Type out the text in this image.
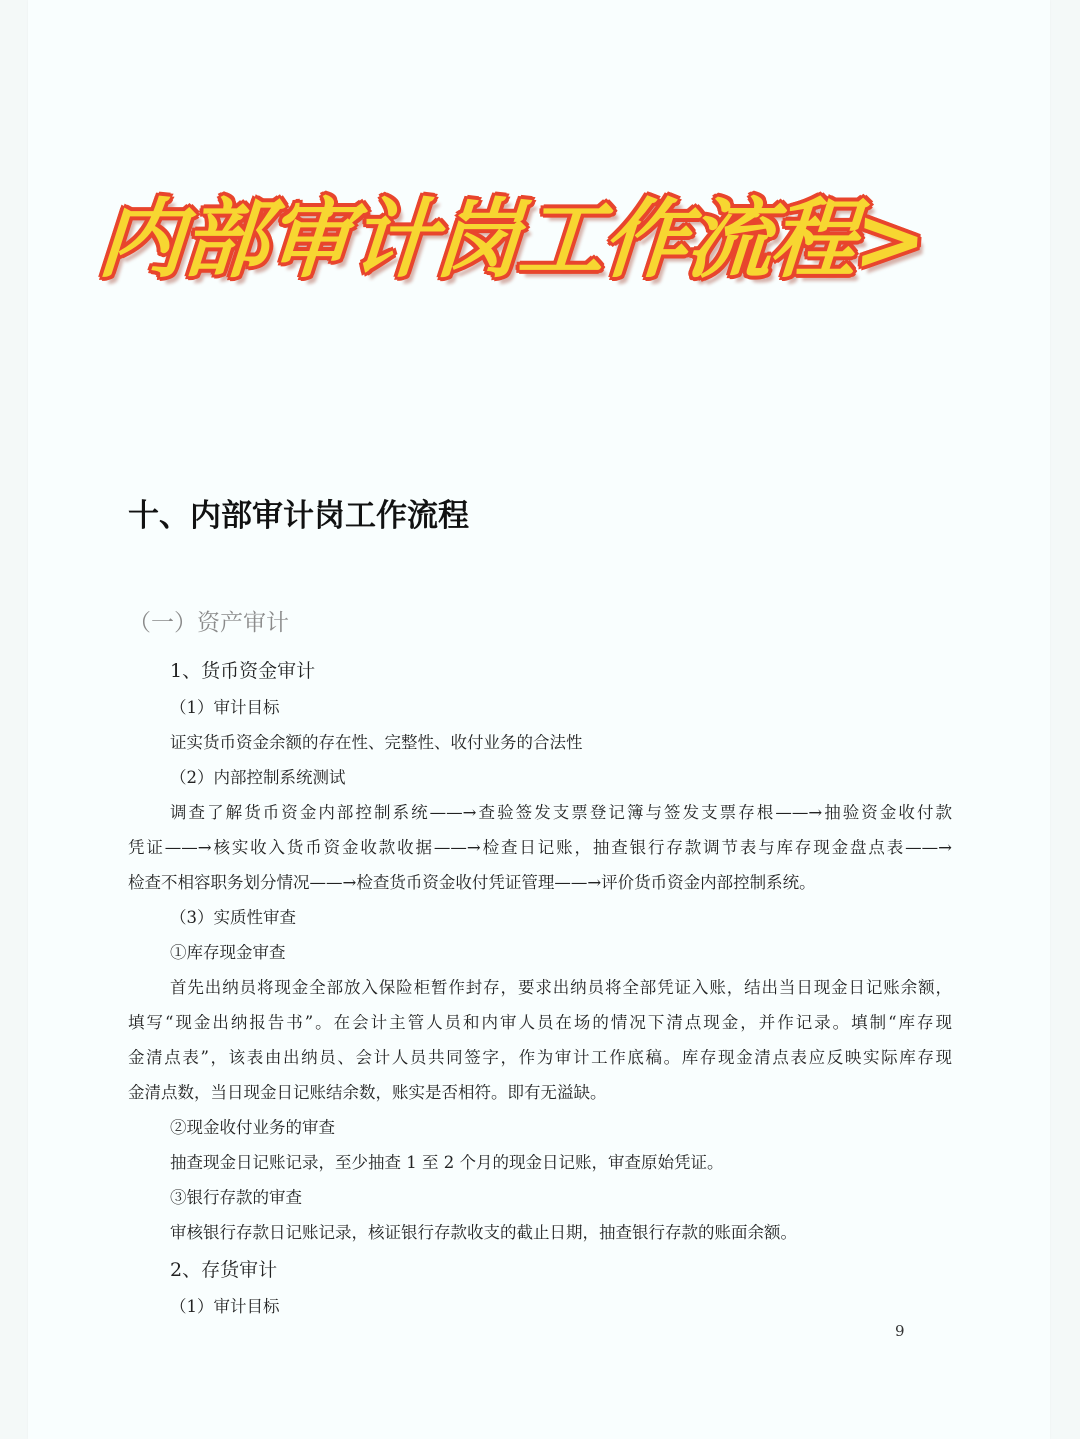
内部审计岗工作流程>
十、内部审计岗工作流程
（一）资产审计
1、货币资金审计
（1）审计目标
证实货币资金余额的存在性、完整性、收付业务的合法性
（2）内部控制系统测试
调查了解货币资金内部控制系统——→查验签发支票登记簿与签发支票存根——→抽验资金收付款
凭证——→核实收入货币资金收款收据——→检查日记账，抽查银行存款调节表与库存现金盘点表——→
检查不相容职务划分情况——→检查货币资金收付凭证管理——→评价货币资金内部控制系统。
（3）实质性审查
①库存现金审查
首先出纳员将现金全部放入保险柜暂作封存，要求出纳员将全部凭证入账，结出当日现金日记账余额，
填写“现金出纳报告书”。在会计主管人员和内审人员在场的情况下清点现金，并作记录。填制“库存现
金清点表”，该表由出纳员、会计人员共同签字，作为审计工作底稿。库存现金清点表应反映实际库存现
金清点数，当日现金日记账结余数，账实是否相符。即有无溢缺。
②现金收付业务的审查
抽查现金日记账记录，至少抽查 1 至 2 个月的现金日记账，审查原始凭证。
③银行存款的审查
审核银行存款日记账记录，核证银行存款收支的截止日期，抽查银行存款的账面余额。
2、存货审计
（1）审计目标
9
